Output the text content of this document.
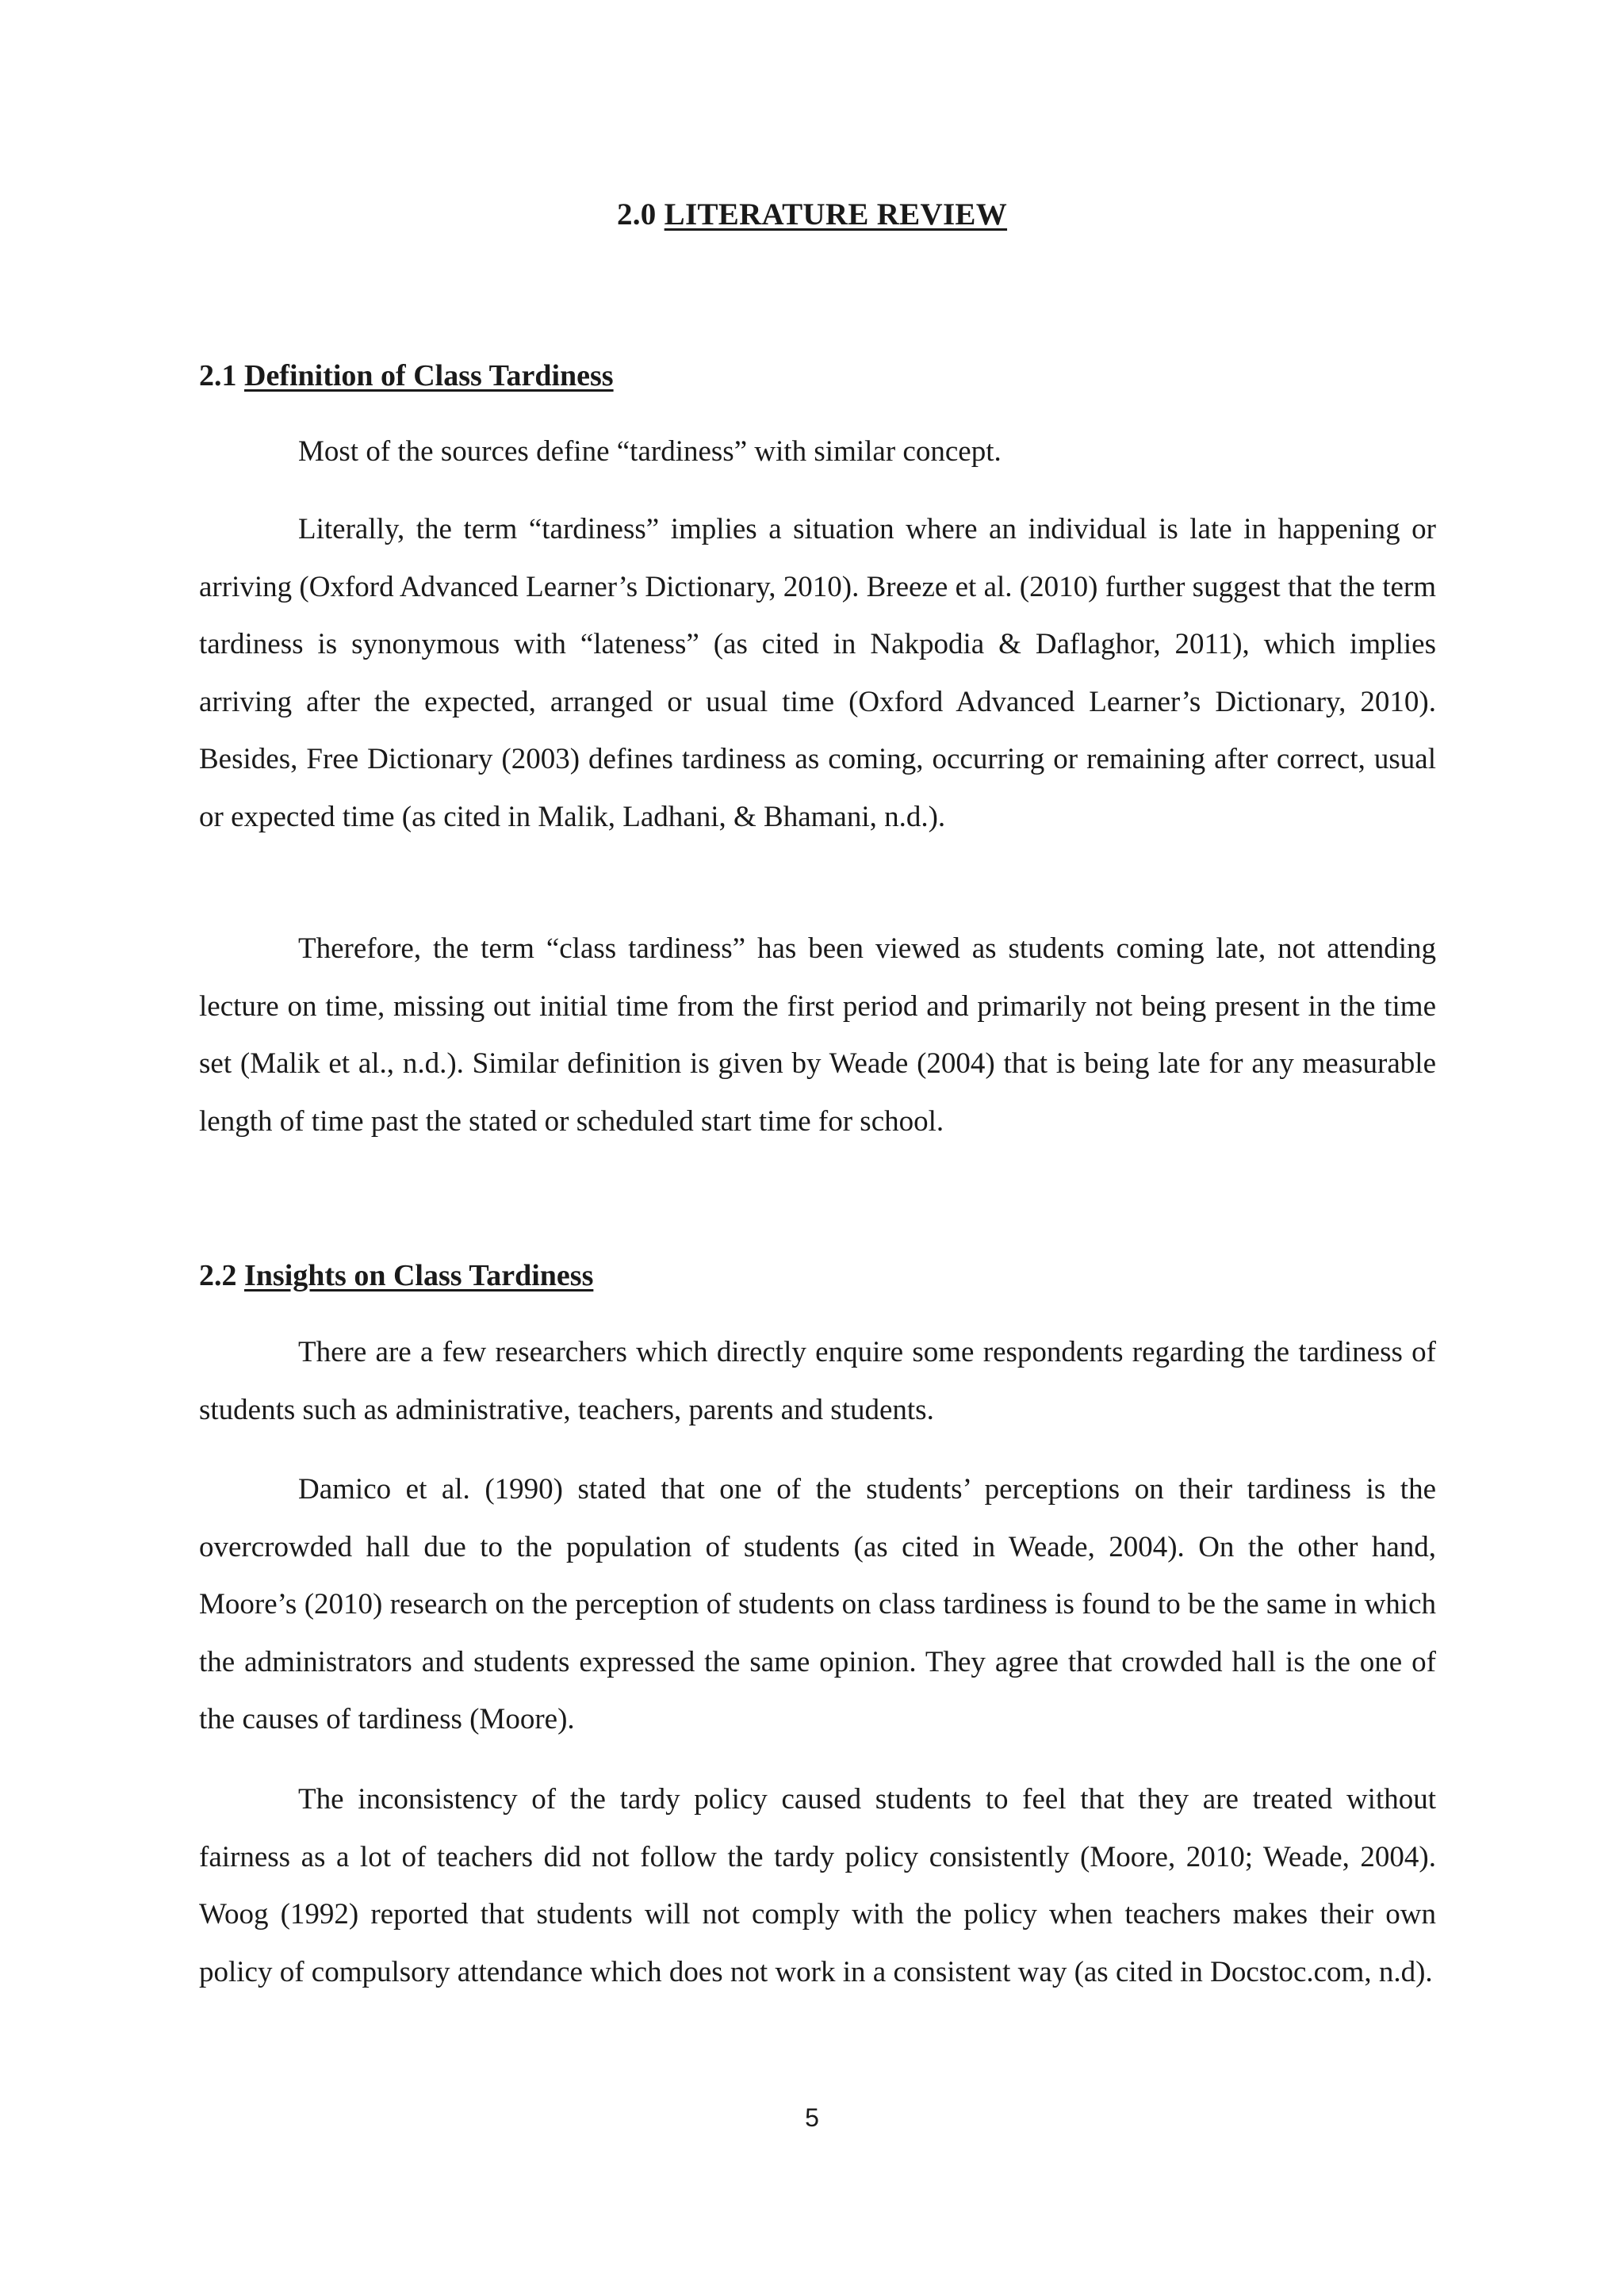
2.0 LITERATURE REVIEW
2.1 Definition of Class Tardiness

Most of the sources define “tardiness” with similar concept.

Literally, the term “tardiness” implies a situation where an individual is late in happening or arriving (Oxford Advanced Learner’s Dictionary, 2010). Breeze et al. (2010) further suggest that the term tardiness is synonymous with “lateness” (as cited in Nakpodia & Daflaghor, 2011), which implies arriving after the expected, arranged or usual time (Oxford Advanced Learner’s Dictionary, 2010). Besides, Free Dictionary (2003) defines tardiness as coming, occurring or remaining after correct, usual or expected time (as cited in Malik, Ladhani, & Bhamani, n.d.).

Therefore, the term “class tardiness” has been viewed as students coming late, not attending lecture on time, missing out initial time from the first period and primarily not being present in the time set (Malik et al., n.d.). Similar definition is given by Weade (2004) that is being late for any measurable length of time past the stated or scheduled start time for school.

2.2 Insights on Class Tardiness

There are a few researchers which directly enquire some respondents regarding the tardiness of students such as administrative, teachers, parents and students.

Damico et al. (1990) stated that one of the students’ perceptions on their tardiness is the overcrowded hall due to the population of students (as cited in Weade, 2004). On the other hand, Moore’s (2010) research on the perception of students on class tardiness is found to be the same in which the administrators and students expressed the same opinion. They agree that crowded hall is the one of the causes of tardiness (Moore).

The inconsistency of the tardy policy caused students to feel that they are treated without fairness as a lot of teachers did not follow the tardy policy consistently (Moore, 2010; Weade, 2004). Woog (1992) reported that students will not comply with the policy when teachers makes their own policy of compulsory attendance which does not work in a consistent way (as cited in Docstoc.com, n.d).

5
